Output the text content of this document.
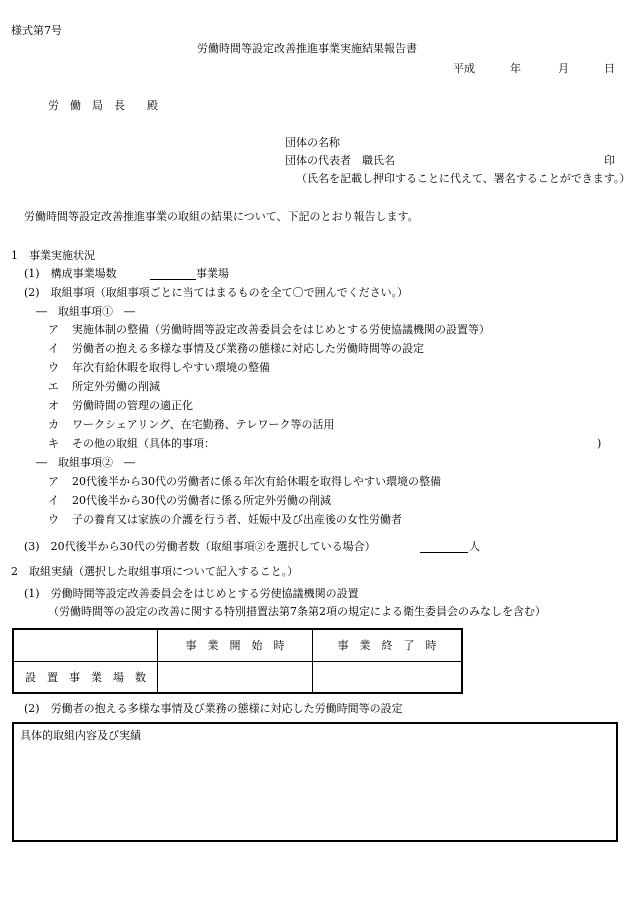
様式第7号
労働時間等設定改善推進事業実施結果報告書
平成	年	月	日
労　働　局　長　　殿
団体の名称
団体の代表者　職氏名	印
（氏名を記載し押印することに代えて、署名することができます。）
労働時間等設定改善推進事業の取組の結果について、下記のとおり報告します。
1　事業実施状況
(1)　構成事業場数	事業場
(2)　取組事項（取組事項ごとに当てはまるものを全て〇で囲んでください。）
―　取組事項①　―
ア 実施体制の整備（労働時間等設定改善委員会をはじめとする労使協議機関の設置等）
イ 労働者の抱える多様な事情及び業務の態様に対応した労働時間等の設定
ウ 年次有給休暇を取得しやすい環境の整備
エ 所定外労働の削減
オ 労働時間の管理の適正化
カ ワークシェアリング、在宅勤務、テレワーク等の活用
キ その他の取組（具体的事項：	)
―　取組事項②　―
ア 20代後半から30代の労働者に係る年次有給休暇を取得しやすい環境の整備
イ 20代後半から30代の労働者に係る所定外労働の削減
ウ 子の養育又は家族の介護を行う者、妊娠中及び出産後の女性労働者
(3)　20代後半から30代の労働者数（取組事項②を選択している場合）	人
2　取組実績（選択した取組事項について記入すること。）
(1)　労働時間等設定改善委員会をはじめとする労使協議機関の設置
（労働時間等の設定の改善に関する特別措置法第7条第2項の規定による衛生委員会のみなしを含む）
	事　業　開　始　時	事　業　終　了　時
設　置　事　業　場　数		
(2)　労働者の抱える多様な事情及び業務の態様に対応した労働時間等の設定
具体的取組内容及び実績
